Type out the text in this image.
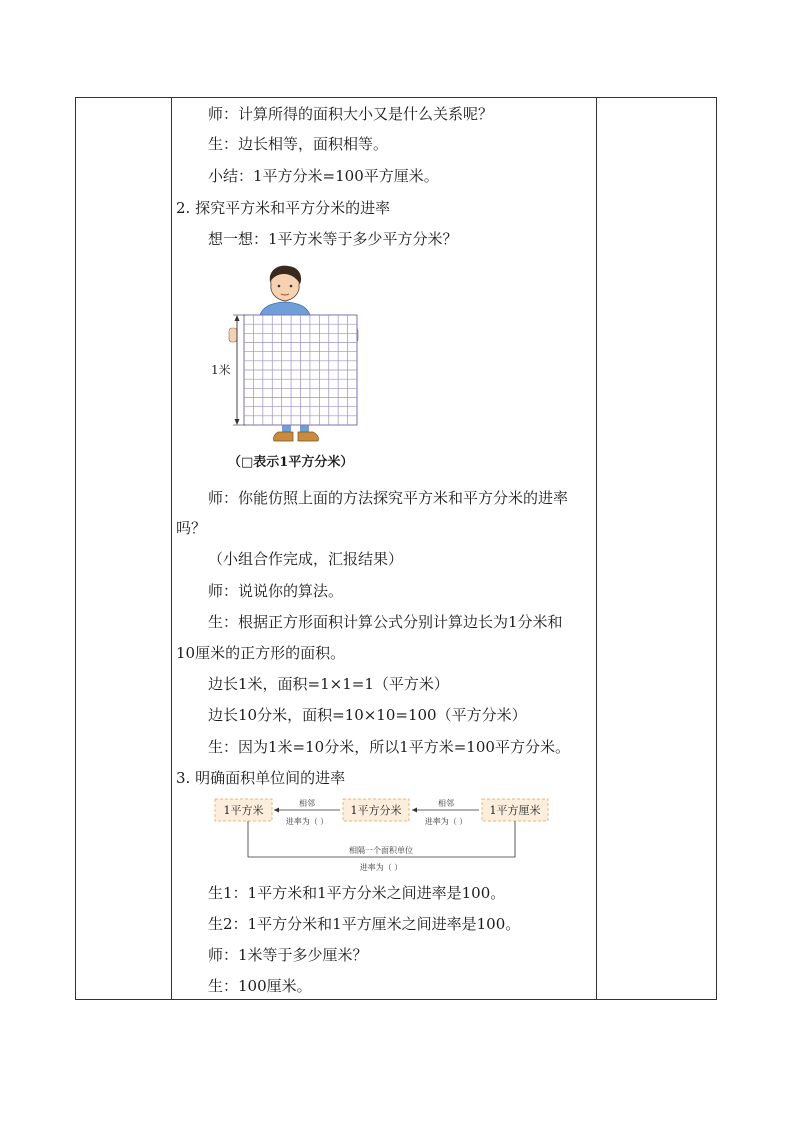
师：计算所得的面积大小又是什么关系呢？
生：边长相等，面积相等。
小结：1平方分米=100平方厘米。
2. 探究平方米和平方分米的进率
想一想：1平方米等于多少平方分米？
1米
（□表示1平方分米）
师：你能仿照上面的方法探究平方米和平方分米的进率
吗？
（小组合作完成，汇报结果）
师：说说你的算法。
生：根据正方形面积计算公式分别计算边长为1分米和
10厘米的正方形的面积。
边长1米，面积=1×1=1（平方米）
边长10分米，面积=10×10=100（平方分米）
生：因为1米=10分米，所以1平方米=100平方分米。
3. 明确面积单位间的进率
1平方米	1平方分米	1平方厘米
相邻
进率为（ ）
相邻
进率为（ ）
相隔一个面积单位
进率为（ ）
生1：1平方米和1平方分米之间进率是100。
生2：1平方分米和1平方厘米之间进率是100。
师：1米等于多少厘米？
生：100厘米。
